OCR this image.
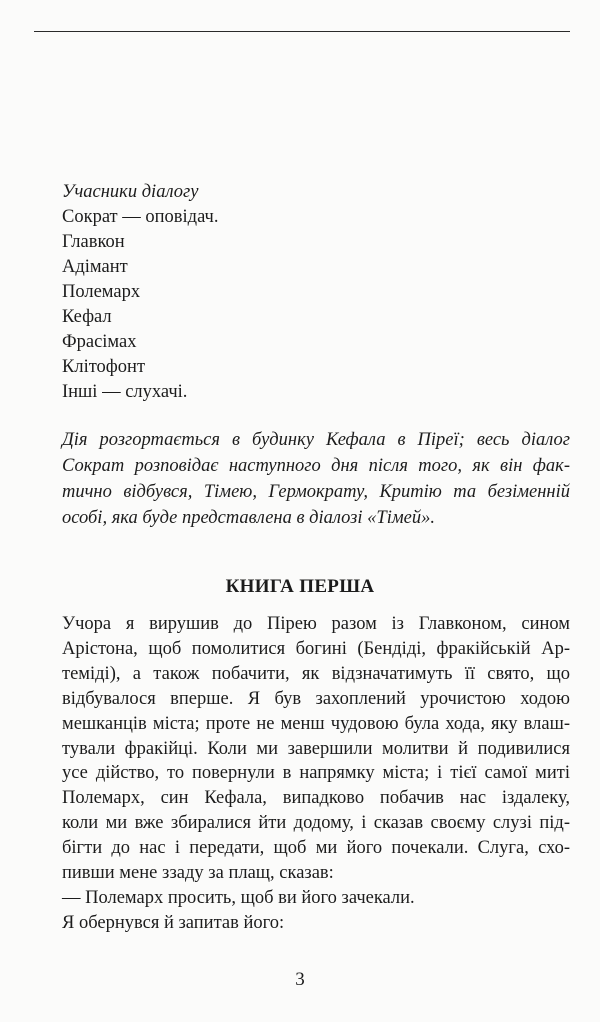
Учасники діалогу
Сократ — оповідач.
Главкон
Адімант
Полемарх
Кефал
Фрасімах
Клітофонт
Інші — слухачі.
Дія розгортається в будинку Кефала в Піреї; весь діалог
Сократ розповідає наступного дня після того, як він фак-
тично відбувся, Тімею, Гермократу, Критію та безіменній
особі, яка буде представлена в діалозі «Тімей».
КНИГА ПЕРША
Учора я вирушив до Пірею разом із Главконом, сином
Арістона, щоб помолитися богині (Бендіді, фракійській Ар-
теміді), а також побачити, як відзначатимуть її свято, що
відбувалося вперше. Я був захоплений урочистою ходою
мешканців міста; проте не менш чудовою була хода, яку влаш-
тували фракійці. Коли ми завершили молитви й подивилися
усе дійство, то повернули в напрямку міста; і тієї самої миті
Полемарх, син Кефала, випадково побачив нас іздалеку,
коли ми вже збиралися йти додому, і сказав своєму слузі під-
бігти до нас і передати, щоб ми його почекали. Слуга, схо-
пивши мене ззаду за плащ, сказав:
— Полемарх просить, щоб ви його зачекали.
Я обернувся й запитав його:
3
